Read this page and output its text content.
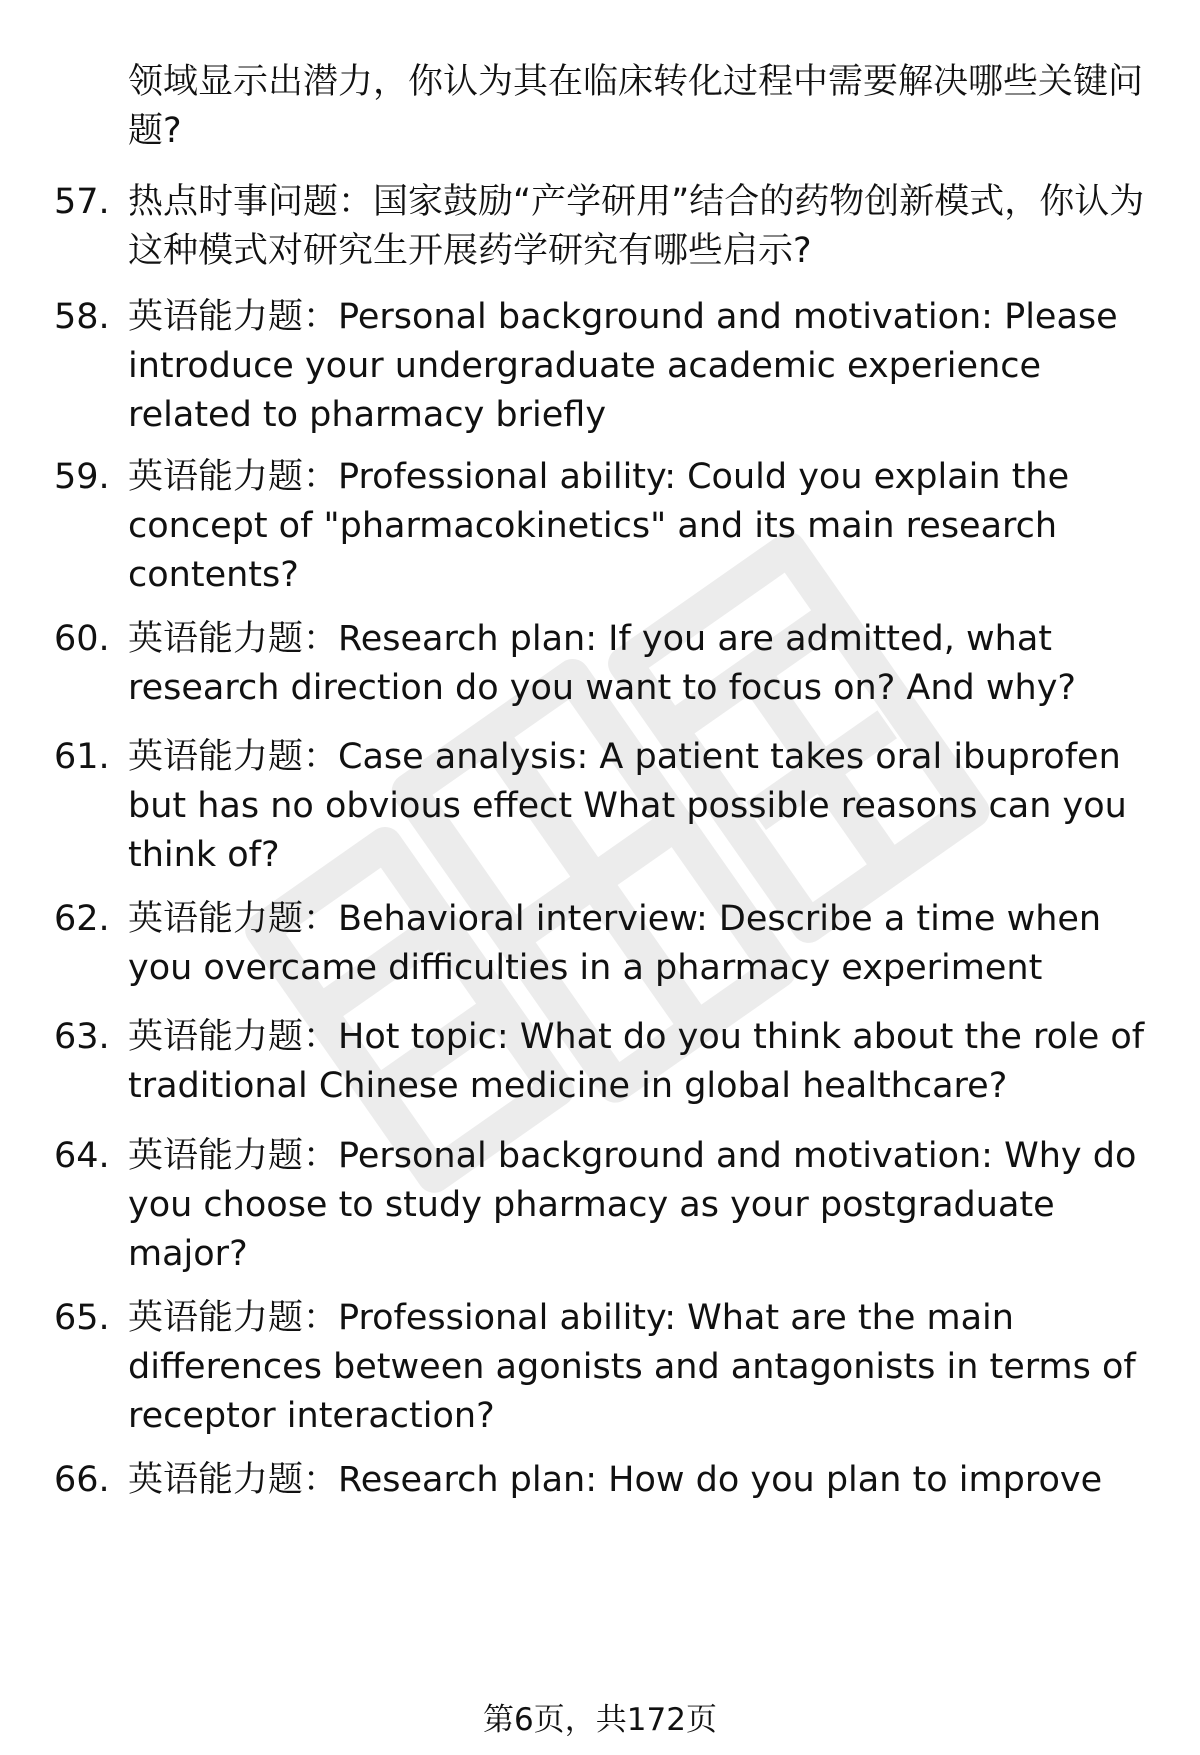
领域显示出潜力，你认为其在临床转化过程中需要解决哪些关键问题?

57. 热点时事问题：国家鼓励“产学研用”结合的药物创新模式，你认为这种模式对研究生开展药学研究有哪些启示?

58. 英语能力题：Personal background and motivation: Please introduce your undergraduate academic experience related to pharmacy briefly

59. 英语能力题：Professional ability: Could you explain the concept of "pharmacokinetics" and its main research contents?

60. 英语能力题：Research plan: If you are admitted, what research direction do you want to focus on? And why?

61. 英语能力题：Case analysis: A patient takes oral ibuprofen but has no obvious effect What possible reasons can you think of?

62. 英语能力题：Behavioral interview: Describe a time when you overcame difficulties in a pharmacy experiment

63. 英语能力题：Hot topic: What do you think about the role of traditional Chinese medicine in global healthcare?

64. 英语能力题：Personal background and motivation: Why do you choose to study pharmacy as your postgraduate major?

65. 英语能力题：Professional ability: What are the main differences between agonists and antagonists in terms of receptor interaction?

66. 英语能力题：Research plan: How do you plan to improve

第6页，共172页
